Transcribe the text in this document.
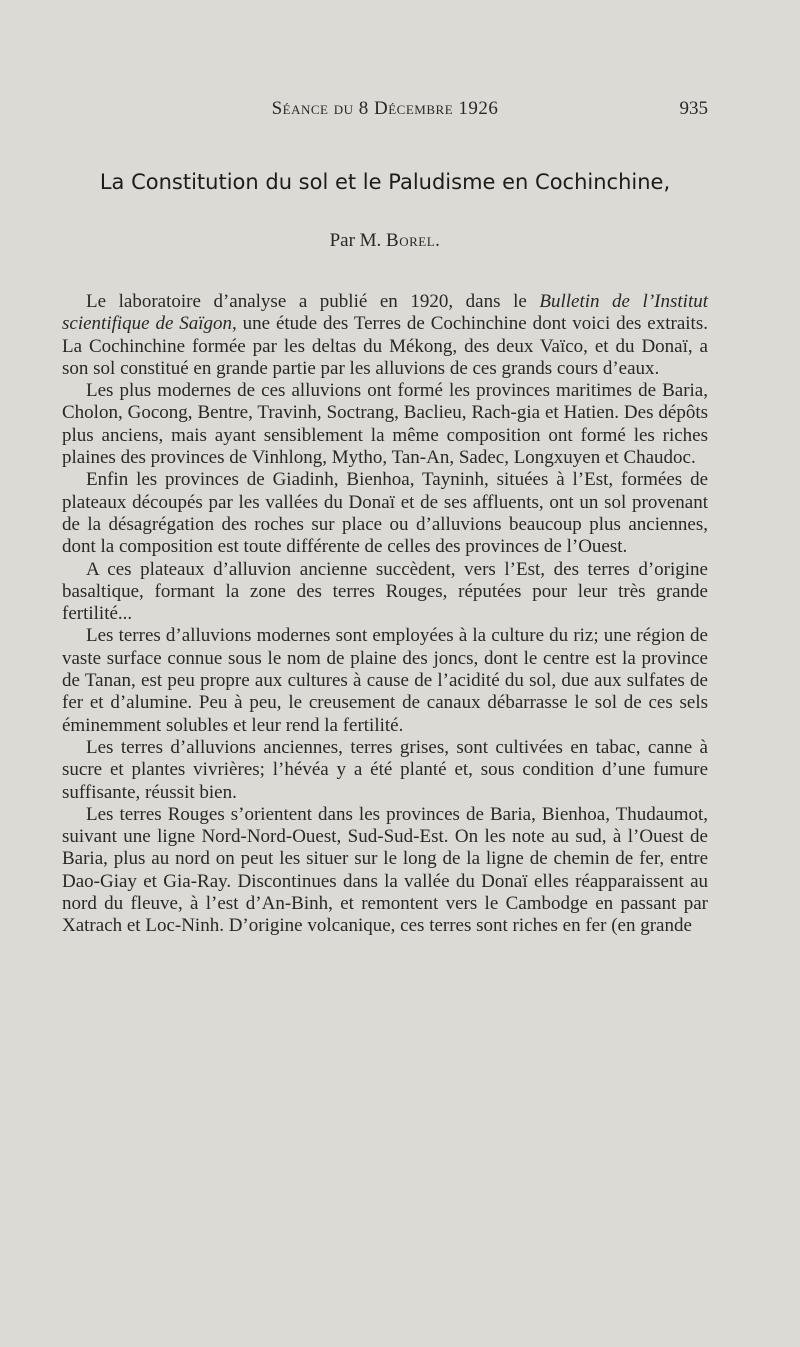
Séance du 8 Décembre 1926	935
La Constitution du sol et le Paludisme en Cochinchine,
Par M. Borel.

Le laboratoire d’analyse a publié en 1920, dans le Bulletin de l’Institut scientifique de Saïgon, une étude des Terres de Cochinchine dont voici des extraits. La Cochinchine formée par les deltas du Mékong, des deux Vaïco, et du Donaï, a son sol constitué en grande partie par les alluvions de ces grands cours d’eaux.

Les plus modernes de ces alluvions ont formé les provinces maritimes de Baria, Cholon, Gocong, Bentre, Travinh, Soctrang, Baclieu, Rach-gia et Hatien. Des dépôts plus anciens, mais ayant sensiblement la même composition ont formé les riches plaines des provinces de Vinhlong, Mytho, Tan-An, Sadec, Longxuyen et Chaudoc.

Enfin les provinces de Giadinh, Bienhoa, Tayninh, situées à l’Est, formées de plateaux découpés par les vallées du Donaï et de ses affluents, ont un sol provenant de la désagrégation des roches sur place ou d’alluvions beaucoup plus anciennes, dont la composition est toute différente de celles des provinces de l’Ouest.

A ces plateaux d’alluvion ancienne succèdent, vers l’Est, des terres d’origine basaltique, formant la zone des terres Rouges, réputées pour leur très grande fertilité...

Les terres d’alluvions modernes sont employées à la culture du riz; une région de vaste surface connue sous le nom de plaine des joncs, dont le centre est la province de Tanan, est peu propre aux cultures à cause de l’acidité du sol, due aux sulfates de fer et d’alumine. Peu à peu, le creusement de canaux débarrasse le sol de ces sels éminemment solubles et leur rend la fertilité.

Les terres d’alluvions anciennes, terres grises, sont cultivées en tabac, canne à sucre et plantes vivrières; l’hévéa y a été planté et, sous condition d’une fumure suffisante, réussit bien.

Les terres Rouges s’orientent dans les provinces de Baria, Bienhoa, Thudaumot, suivant une ligne Nord-Nord-Ouest, Sud-Sud-Est. On les note au sud, à l’Ouest de Baria, plus au nord on peut les situer sur le long de la ligne de chemin de fer, entre Dao-Giay et Gia-Ray. Discontinues dans la vallée du Donaï elles réapparaissent au nord du fleuve, à l’est d’An-Binh, et remontent vers le Cambodge en passant par Xatrach et Loc-Ninh. D’origine volcanique, ces terres sont riches en fer (en grande
